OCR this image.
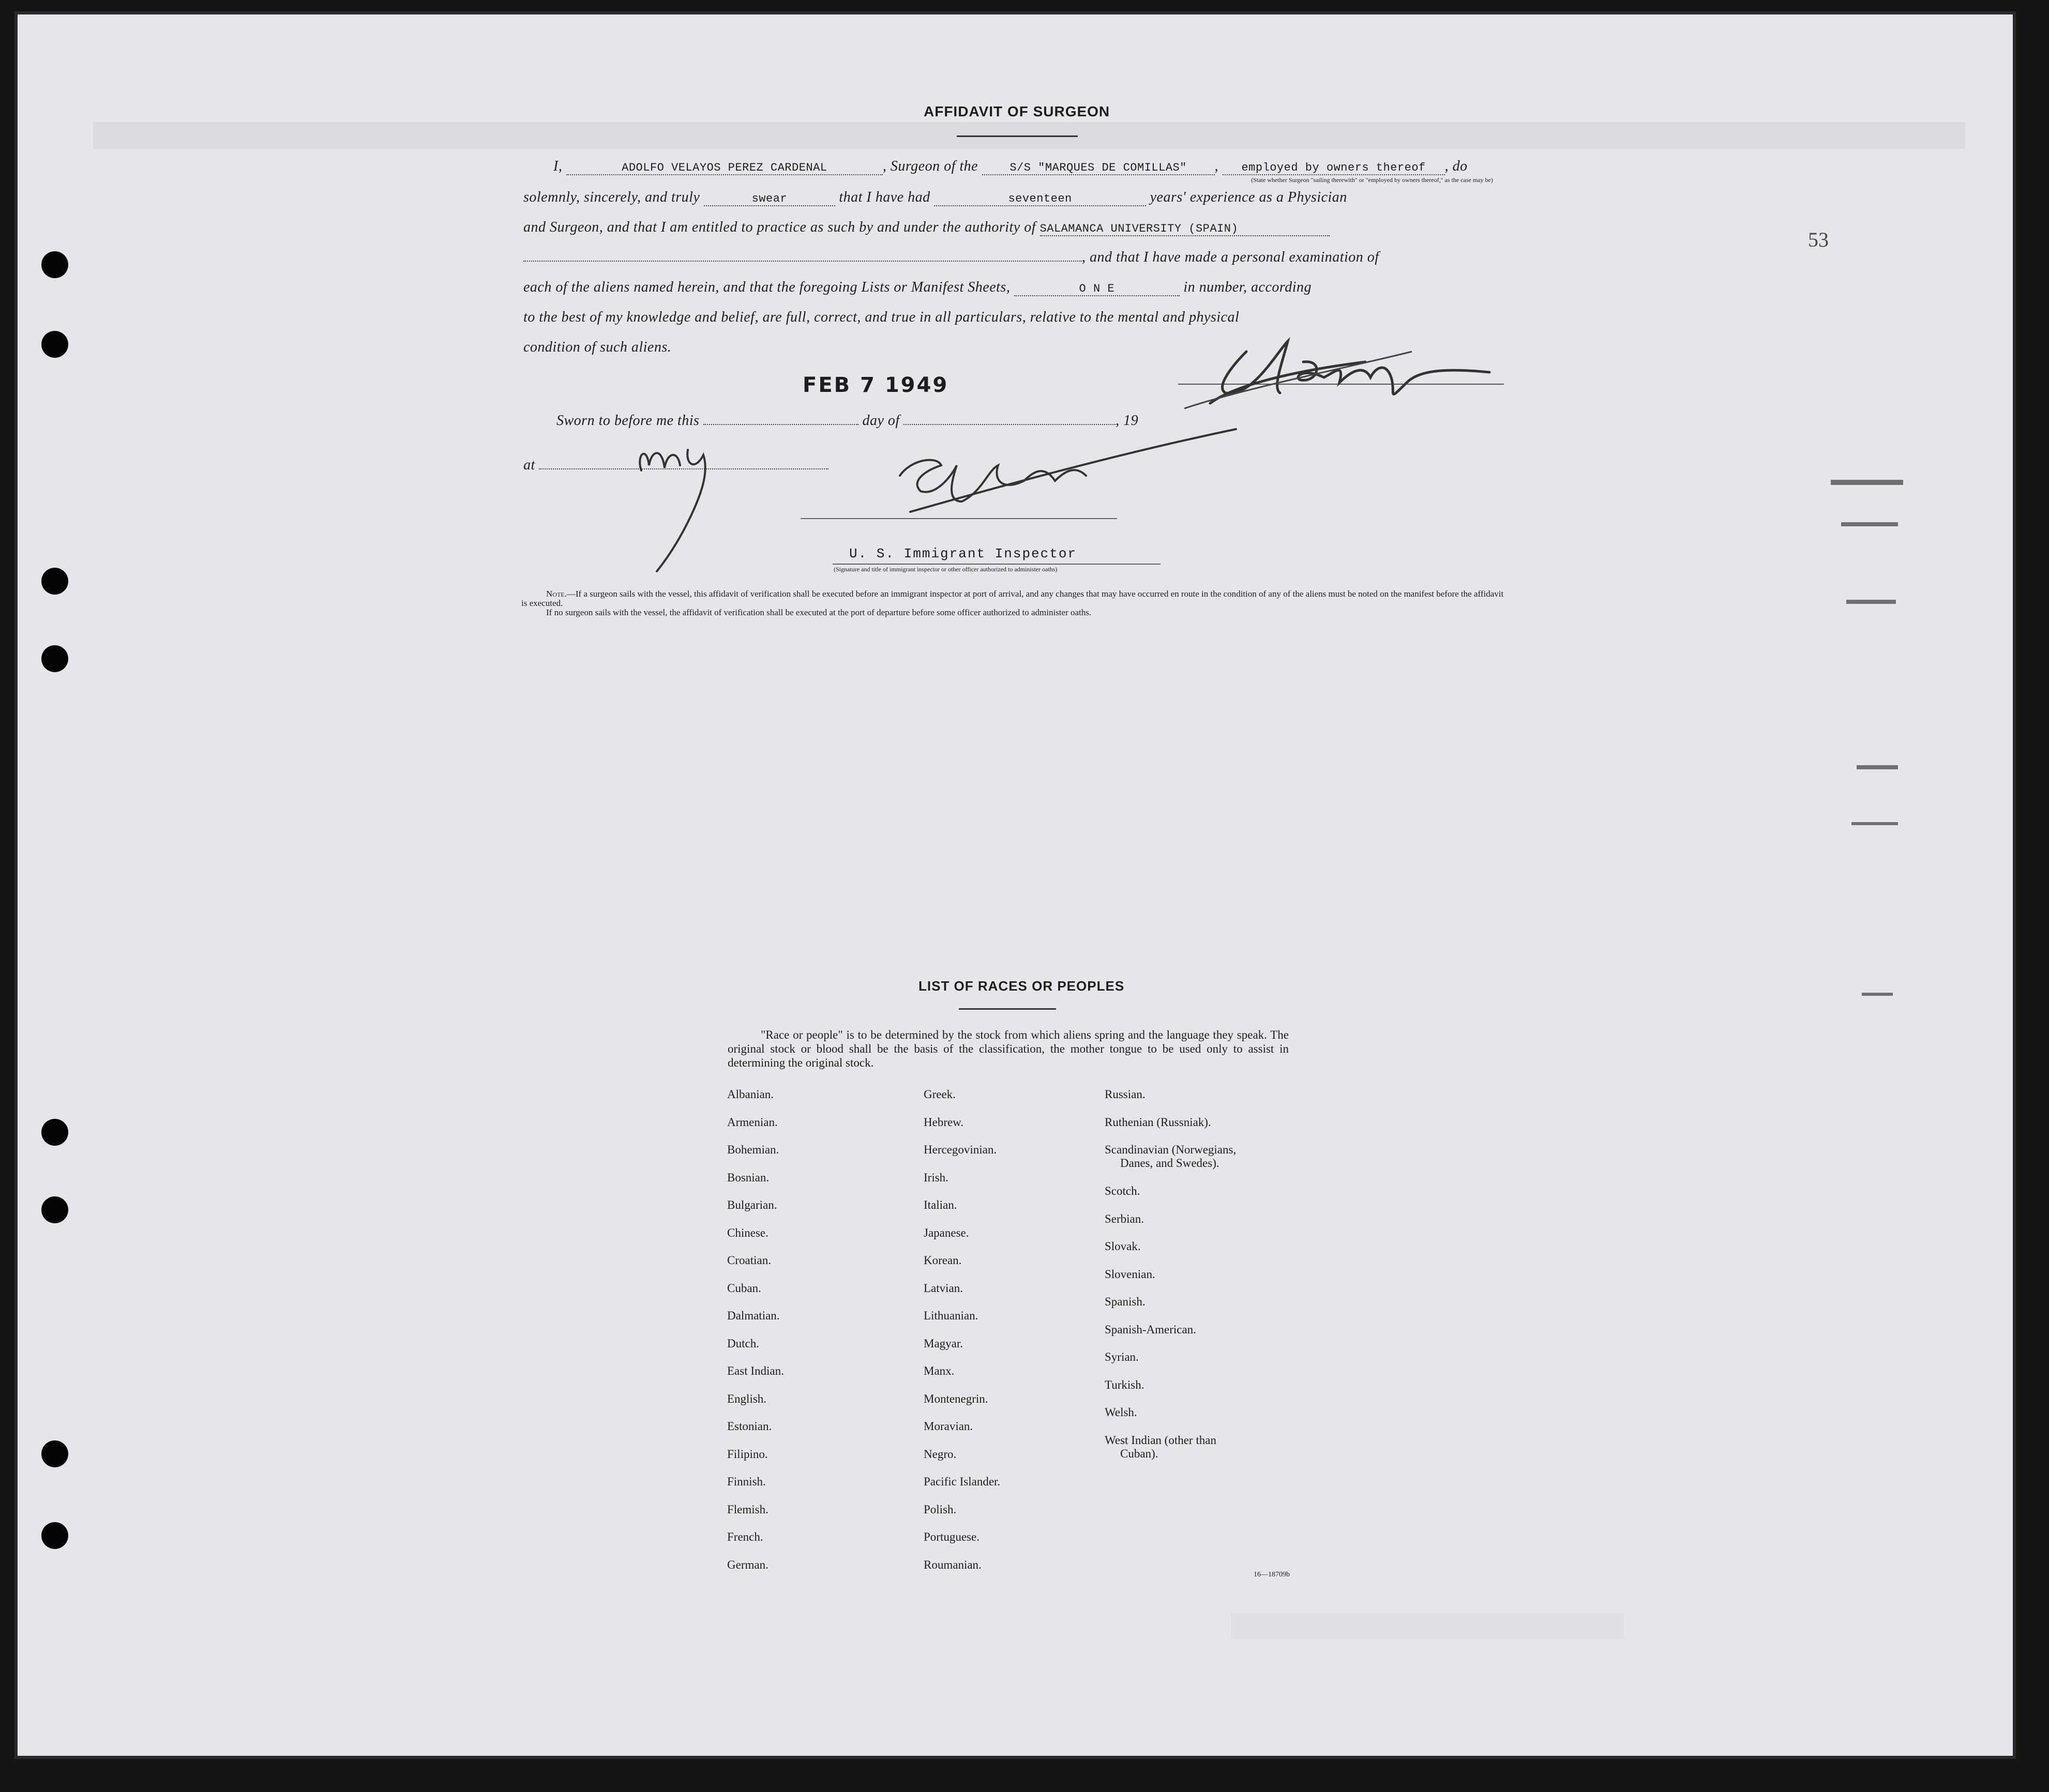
53
AFFIDAVIT OF SURGEON
I,	ADOLFO VELAYOS PEREZ CARDENAL	, Surgeon of the	S/S "MARQUES DE COMILLAS" , employed by owners thereof , do
(State whether Surgeon "sailing therewith" or "employed by owners thereof," as the case may be)
solemnly, sincerely, and truly	swear	that I have had	seventeen	years' experience as a Physician
and Surgeon, and that I am entitled to practice as such by and under the authority of SALAMANCA UNIVERSITY (SPAIN)
, and that I have made a personal examination of
each of the aliens named herein, and that the foregoing Lists or Manifest Sheets,	O N E	in number, according
to the best of my knowledge and belief, are full, correct, and true in all particulars, relative to the mental and physical
condition of such aliens.
FEB 7 1949
Sworn to before me this	day of	, 19
at
U. S. Immigrant Inspector
(Signature and title of immigrant inspector or other officer authorized to administer oaths)
Note.—If a surgeon sails with the vessel, this affidavit of verification shall be executed before an immigrant inspector at port of arrival, and any changes that may have occurred en route in the condition of any of the aliens must be noted on the manifest before the affidavit is executed.
If no surgeon sails with the vessel, the affidavit of verification shall be executed at the port of departure before some officer authorized to administer oaths.
LIST OF RACES OR PEOPLES
"Race or people" is to be determined by the stock from which aliens spring and the language they speak. The original stock or blood shall be the basis of the classification, the mother tongue to be used only to assist in determining the original stock.
Albanian.
Armenian.
Bohemian.
Bosnian.
Bulgarian.
Chinese.
Croatian.
Cuban.
Dalmatian.
Dutch.
East Indian.
English.
Estonian.
Filipino.
Finnish.
Flemish.
French.
German.
Greek.
Hebrew.
Hercegovinian.
Irish.
Italian.
Japanese.
Korean.
Latvian.
Lithuanian.
Magyar.
Manx.
Montenegrin.
Moravian.
Negro.
Pacific Islander.
Polish.
Portuguese.
Roumanian.
Russian.
Ruthenian (Russniak).
Scandinavian (Norwegians,
Danes, and Swedes).
Scotch.
Serbian.
Slovak.
Slovenian.
Spanish.
Spanish-American.
Syrian.
Turkish.
Welsh.
West Indian (other than
Cuban).
16—18709b
